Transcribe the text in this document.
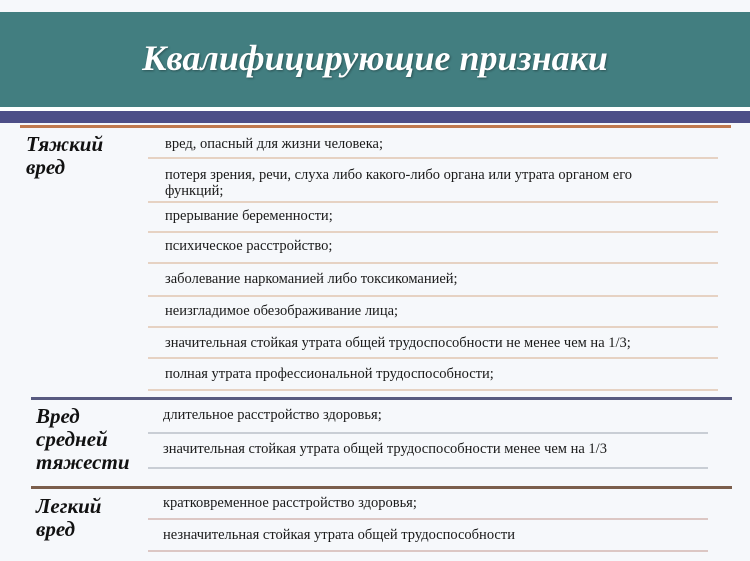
Квалифицирующие признаки
Тяжкий
вред
вред, опасный для жизни человека;
потеря зрения, речи, слуха либо какого-либо органа или утрата органом его
функций;
прерывание беременности;
психическое расстройство;
заболевание наркоманией либо токсикоманией;
неизгладимое обезображивание лица;
значительная стойкая утрата общей трудоспособности не менее чем на 1/3;
полная утрата профессиональной трудоспособности;
Вред
средней
тяжести
длительное расстройство здоровья;
значительная стойкая утрата общей трудоспособности менее чем на 1/3
Легкий
вред
кратковременное расстройство здоровья;
незначительная стойкая утрата общей трудоспособности
